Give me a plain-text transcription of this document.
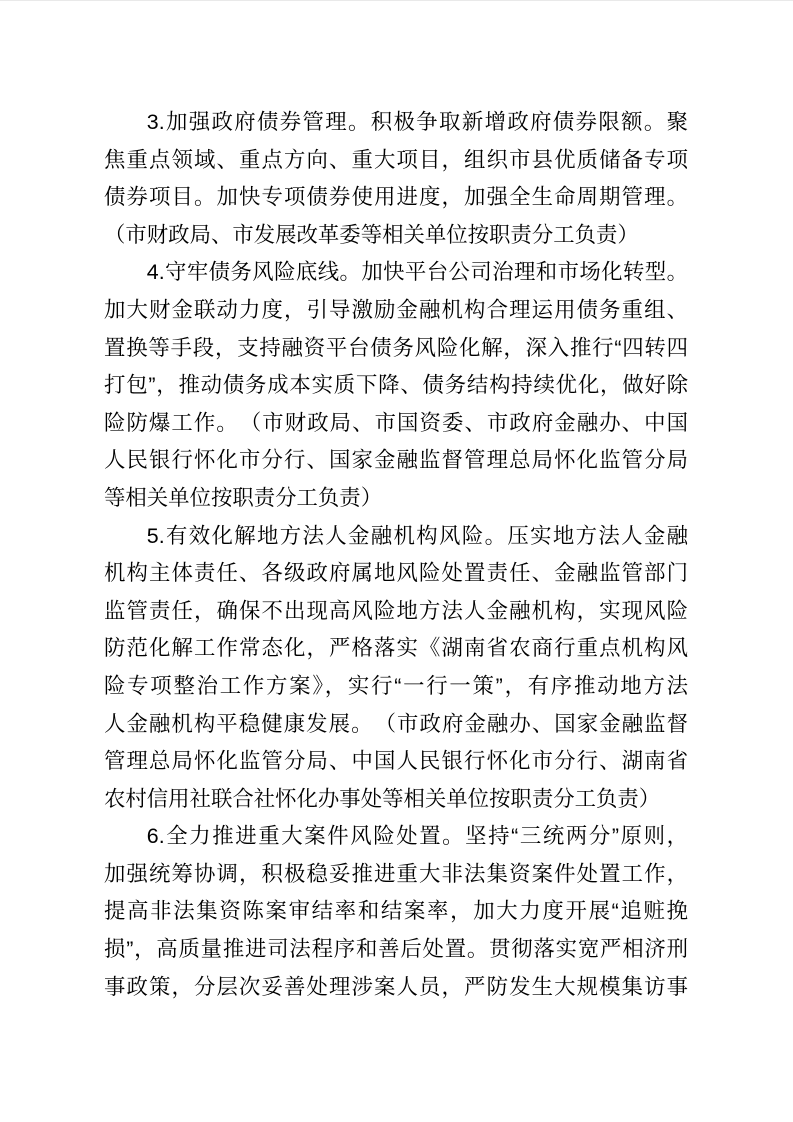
3.加强政府债券管理。积极争取新增政府债券限额。聚
焦重点领域、重点方向、重大项目，组织市县优质储备专项
债券项目。加快专项债券使用进度，加强全生命周期管理。
（市财政局、市发展改革委等相关单位按职责分工负责）
4.守牢债务风险底线。加快平台公司治理和市场化转型。
加大财金联动力度，引导激励金融机构合理运用债务重组、
置换等手段，支持融资平台债务风险化解，深入推行“四转四
打包”，推动债务成本实质下降、债务结构持续优化，做好除
险防爆工作。　（市财政局、市国资委、市政府金融办、中国
人民银行怀化市分行、国家金融监督管理总局怀化监管分局
等相关单位按职责分工负责）
5.有效化解地方法人金融机构风险。压实地方法人金融
机构主体责任、各级政府属地风险处置责任、金融监管部门
监管责任，确保不出现高风险地方法人金融机构，实现风险
防范化解工作常态化，严格落实《湖南省农商行重点机构风
险专项整治工作方案》，实行“一行一策”，有序推动地方法
人金融机构平稳健康发展。　（市政府金融办、国家金融监督
管理总局怀化监管分局、中国人民银行怀化市分行、湖南省
农村信用社联合社怀化办事处等相关单位按职责分工负责）
6.全力推进重大案件风险处置。坚持“三统两分”原则，
加强统筹协调，积极稳妥推进重大非法集资案件处置工作，
提高非法集资陈案审结率和结案率，加大力度开展“追赃挽
损”，高质量推进司法程序和善后处置。贯彻落实宽严相济刑
事政策，分层次妥善处理涉案人员，严防发生大规模集访事
